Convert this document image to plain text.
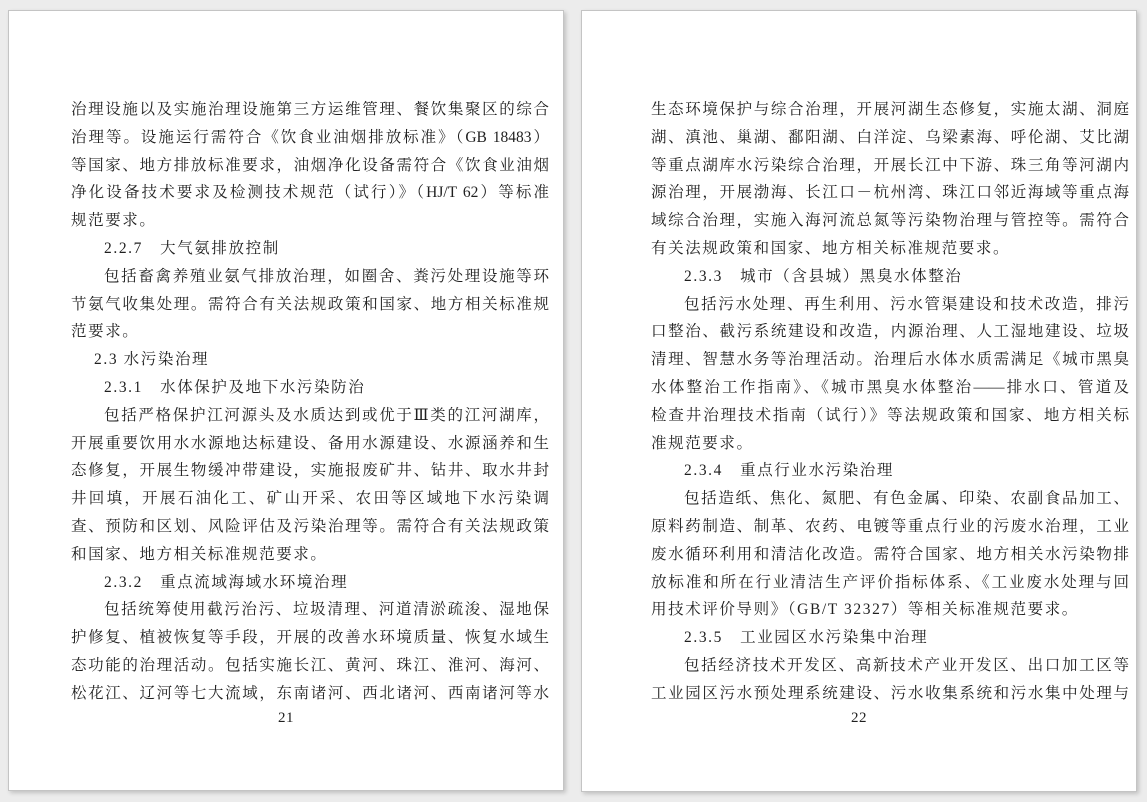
治理设施以及实施治理设施第三方运维管理、餐饮集聚区的综合
治理等。设施运行需符合《饮食业油烟排放标准》（GB 18483）
等国家、地方排放标准要求，油烟净化设备需符合《饮食业油烟
净化设备技术要求及检测技术规范（试行）》（HJ/T 62）等标准
规范要求。
2.2.7　大气氨排放控制
包括畜禽养殖业氨气排放治理，如圈舍、粪污处理设施等环
节氨气收集处理。需符合有关法规政策和国家、地方相关标准规
范要求。
2.3 水污染治理
2.3.1　水体保护及地下水污染防治
包括严格保护江河源头及水质达到或优于Ⅲ类的江河湖库，
开展重要饮用水水源地达标建设、备用水源建设、水源涵养和生
态修复，开展生物缓冲带建设，实施报废矿井、钻井、取水井封
井回填，开展石油化工、矿山开采、农田等区域地下水污染调
查、预防和区划、风险评估及污染治理等。需符合有关法规政策
和国家、地方相关标准规范要求。
2.3.2　重点流域海域水环境治理
包括统筹使用截污治污、垃圾清理、河道清淤疏浚、湿地保
护修复、植被恢复等手段，开展的改善水环境质量、恢复水域生
态功能的治理活动。包括实施长江、黄河、珠江、淮河、海河、
松花江、辽河等七大流域，东南诸河、西北诸河、西南诸河等水
21
生态环境保护与综合治理，开展河湖生态修复，实施太湖、洞庭
湖、滇池、巢湖、鄱阳湖、白洋淀、乌梁素海、呼伦湖、艾比湖
等重点湖库水污染综合治理，开展长江中下游、珠三角等河湖内
源治理，开展渤海、长江口－杭州湾、珠江口邻近海域等重点海
域综合治理，实施入海河流总氮等污染物治理与管控等。需符合
有关法规政策和国家、地方相关标准规范要求。
2.3.3　城市（含县城）黑臭水体整治
包括污水处理、再生利用、污水管渠建设和技术改造，排污
口整治、截污系统建设和改造，内源治理、人工湿地建设、垃圾
清理、智慧水务等治理活动。治理后水体水质需满足《城市黑臭
水体整治工作指南》、《城市黑臭水体整治——排水口、管道及
检查井治理技术指南（试行）》等法规政策和国家、地方相关标
准规范要求。
2.3.4　重点行业水污染治理
包括造纸、焦化、氮肥、有色金属、印染、农副食品加工、
原料药制造、制革、农药、电镀等重点行业的污废水治理，工业
废水循环利用和清洁化改造。需符合国家、地方相关水污染物排
放标准和所在行业清洁生产评价指标体系、《工业废水处理与回
用技术评价导则》（GB/T 32327）等相关标准规范要求。
2.3.5　工业园区水污染集中治理
包括经济技术开发区、高新技术产业开发区、出口加工区等
工业园区污水预处理系统建设、污水收集系统和污水集中处理与
22
